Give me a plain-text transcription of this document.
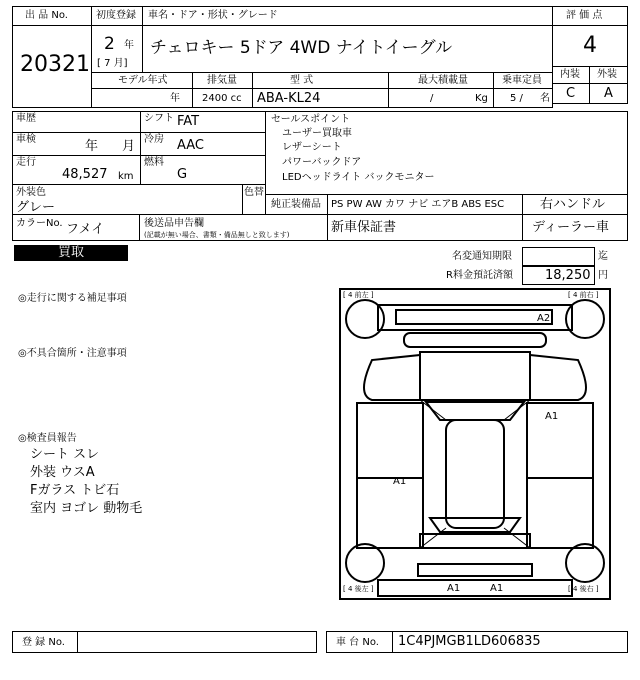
出 品 No.
20321
初度登録
2 年
[ 7 月]
車名・ドア・形状・グレード
チェロキー 5ドア 4WD ナイトイーグル
評 価 点
4
内装 外装
C A
モデル年式
年
排気量
2400 cc
型 式
ABA-KL24
最大積載量
/	Kg
乗車定員
5 / 名
車歴	シフト FAT
車検	年 月 冷房 AAC
走行
48,527 km
燃料
G
外装色
グレー
色替
カラーNo. フメイ	後送品申告欄
(記載が無い場合、書類・備品無しと致します)
セールスポイント
ユーザー買取車
レザーシート
パワーバックドア
LEDヘッドライト バックモニター
純正装備品 PS PW AW カワ ナビ エアB ABS ESC	右ハンドル
新車保証書	ディーラー車
買取	名変通知期限	迄
R料金預託済額 18,250 円
◎走行に関する補足事項
◎不具合箇所・注意事項
◎検査員報告
シート スレ
外装 ウスA
Fガラス トビ石
室内 ヨゴレ 動物毛
[ 4 前左 ]	[ 4 前右 ]
[ 4 後左 ]	[ 4 後右 ]
A2
A1
A1
A1	A1
登 録 No.	車 台 No. 1C4PJMGB1LD606835
